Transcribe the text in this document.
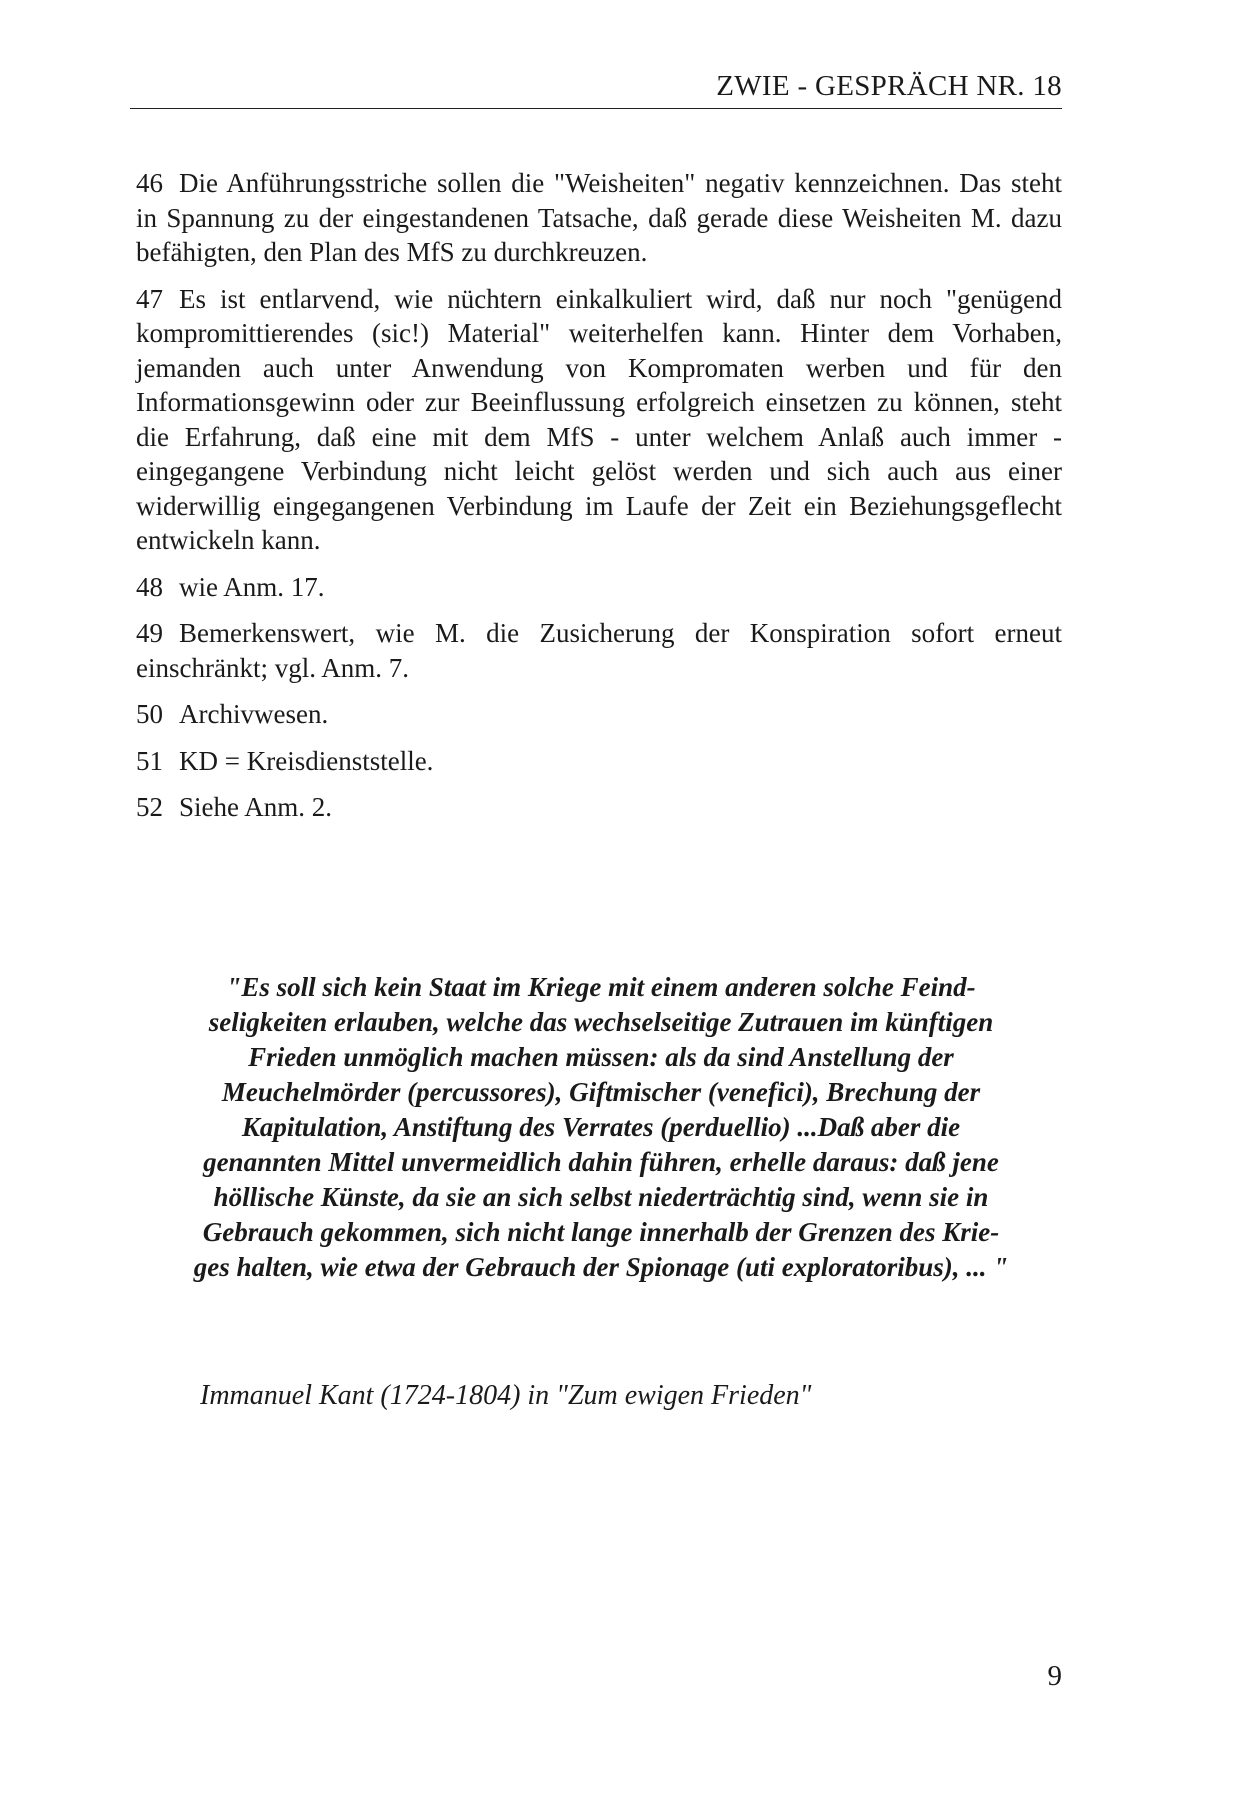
ZWIE - GESPRÄCH NR. 18

46 Die Anführungsstriche sollen die "Weisheiten" negativ kennzeichnen. Das steht in Spannung zu der eingestandenen Tatsache, daß gerade diese Weisheiten M. dazu befähigten, den Plan des MfS zu durchkreuzen.

47 Es ist entlarvend, wie nüchtern einkalkuliert wird, daß nur noch "genügend kompromittierendes (sic!) Material" weiterhelfen kann. Hinter dem Vorhaben, jemanden auch unter Anwendung von Kompromaten werben und für den Informationsgewinn oder zur Beeinflussung erfolgreich einsetzen zu können, steht die Erfahrung, daß eine mit dem MfS - unter welchem Anlaß auch immer - eingegangene Verbindung nicht leicht gelöst werden und sich auch aus einer widerwillig eingegangenen Verbindung im Laufe der Zeit ein Beziehungsgeflecht entwickeln kann.

48 wie Anm. 17.

49 Bemerkenswert, wie M. die Zusicherung der Konspiration sofort erneut einschränkt; vgl. Anm. 7.

50 Archivwesen.

51 KD = Kreisdienststelle.

52 Siehe Anm. 2.

"Es soll sich kein Staat im Kriege mit einem anderen solche Feind-
seligkeiten erlauben, welche das wechselseitige Zutrauen im künftigen
Frieden unmöglich machen müssen: als da sind Anstellung der
Meuchelmörder (percussores), Giftmischer (venefici), Brechung der
Kapitulation, Anstiftung des Verrates (perduellio) ...Daß aber die
genannten Mittel unvermeidlich dahin führen, erhelle daraus: daß jene
höllische Künste, da sie an sich selbst niederträchtig sind, wenn sie in
Gebrauch gekommen, sich nicht lange innerhalb der Grenzen des Krie-
ges halten, wie etwa der Gebrauch der Spionage (uti exploratoribus), ... "
Immanuel Kant (1724-1804) in "Zum ewigen Frieden"
9
